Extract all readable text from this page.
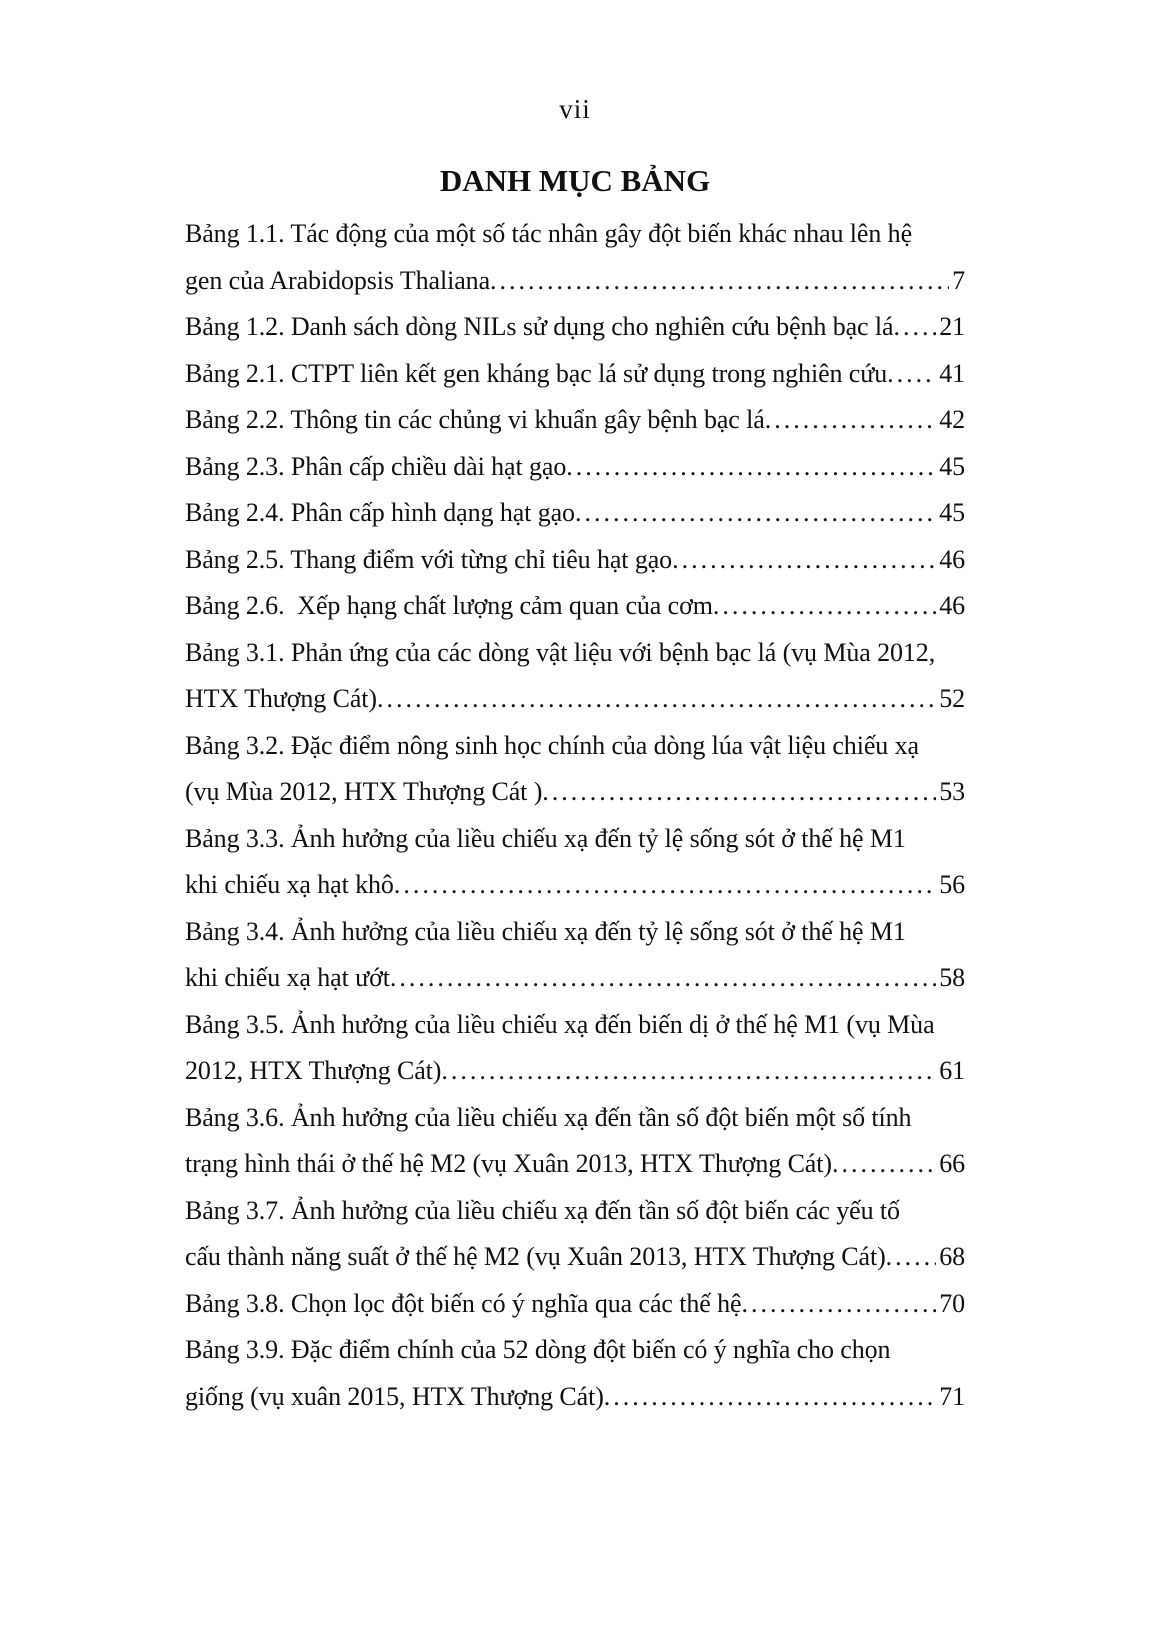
vii
DANH MỤC BẢNG
Bảng 1.1. Tác động của một số tác nhân gây đột biến khác nhau lên hệ
gen của Arabidopsis Thaliana .....	7
Bảng 1.2. Danh sách dòng NILs sử dụng cho nghiên cứu bệnh bạc lá ..... 21
Bảng 2.1. CTPT liên kết gen kháng bạc lá sử dụng trong nghiên cứu ..... 41
Bảng 2.2. Thông tin các chủng vi khuẩn gây bệnh bạc lá .....	42
Bảng 2.3. Phân cấp chiều dài hạt gạo .....	45
Bảng 2.4. Phân cấp hình dạng hạt gạo .....	45
Bảng 2.5. Thang điểm với từng chỉ tiêu hạt gạo .....	46
Bảng 2.6.  Xếp hạng chất lượng cảm quan của cơm .....	46
Bảng 3.1. Phản ứng của các dòng vật liệu với bệnh bạc lá (vụ Mùa 2012,
HTX Thượng Cát) .....	52
Bảng 3.2. Đặc điểm nông sinh học chính của dòng lúa vật liệu chiếu xạ
(vụ Mùa 2012, HTX Thượng Cát ) .....	53
Bảng 3.3. Ảnh hưởng của liều chiếu xạ đến tỷ lệ sống sót ở thế hệ M1
khi chiếu xạ hạt khô .....	56
Bảng 3.4. Ảnh hưởng của liều chiếu xạ đến tỷ lệ sống sót ở thế hệ M1
khi chiếu xạ hạt ướt .....	58
Bảng 3.5. Ảnh hưởng của liều chiếu xạ đến biến dị ở thế hệ M1 (vụ Mùa
2012, HTX Thượng Cát) .....	61
Bảng 3.6. Ảnh hưởng của liều chiếu xạ đến tần số đột biến một số tính
trạng hình thái ở thế hệ M2 (vụ Xuân 2013, HTX Thượng Cát) .....	66
Bảng 3.7. Ảnh hưởng của liều chiếu xạ đến tần số đột biến các yếu tố
cấu thành năng suất ở thế hệ M2 (vụ Xuân 2013, HTX Thượng Cát) ..... 68
Bảng 3.8. Chọn lọc đột biến có ý nghĩa qua các thế hệ .....	70
Bảng 3.9. Đặc điểm chính của 52 dòng đột biến có ý nghĩa cho chọn
giống (vụ xuân 2015, HTX Thượng Cát) .....	71
